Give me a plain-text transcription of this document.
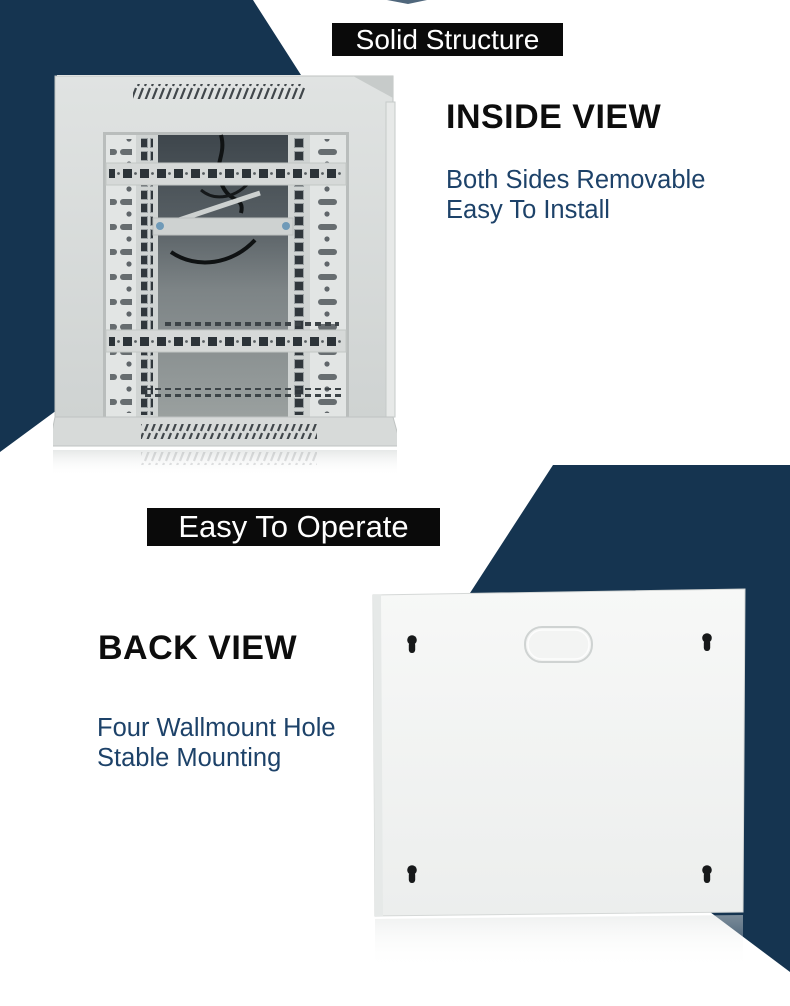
Solid Structure
INSIDE VIEW
Both Sides Removable
Easy To Install
Easy To Operate
BACK VIEW
Four Wallmount Hole
Stable Mounting
